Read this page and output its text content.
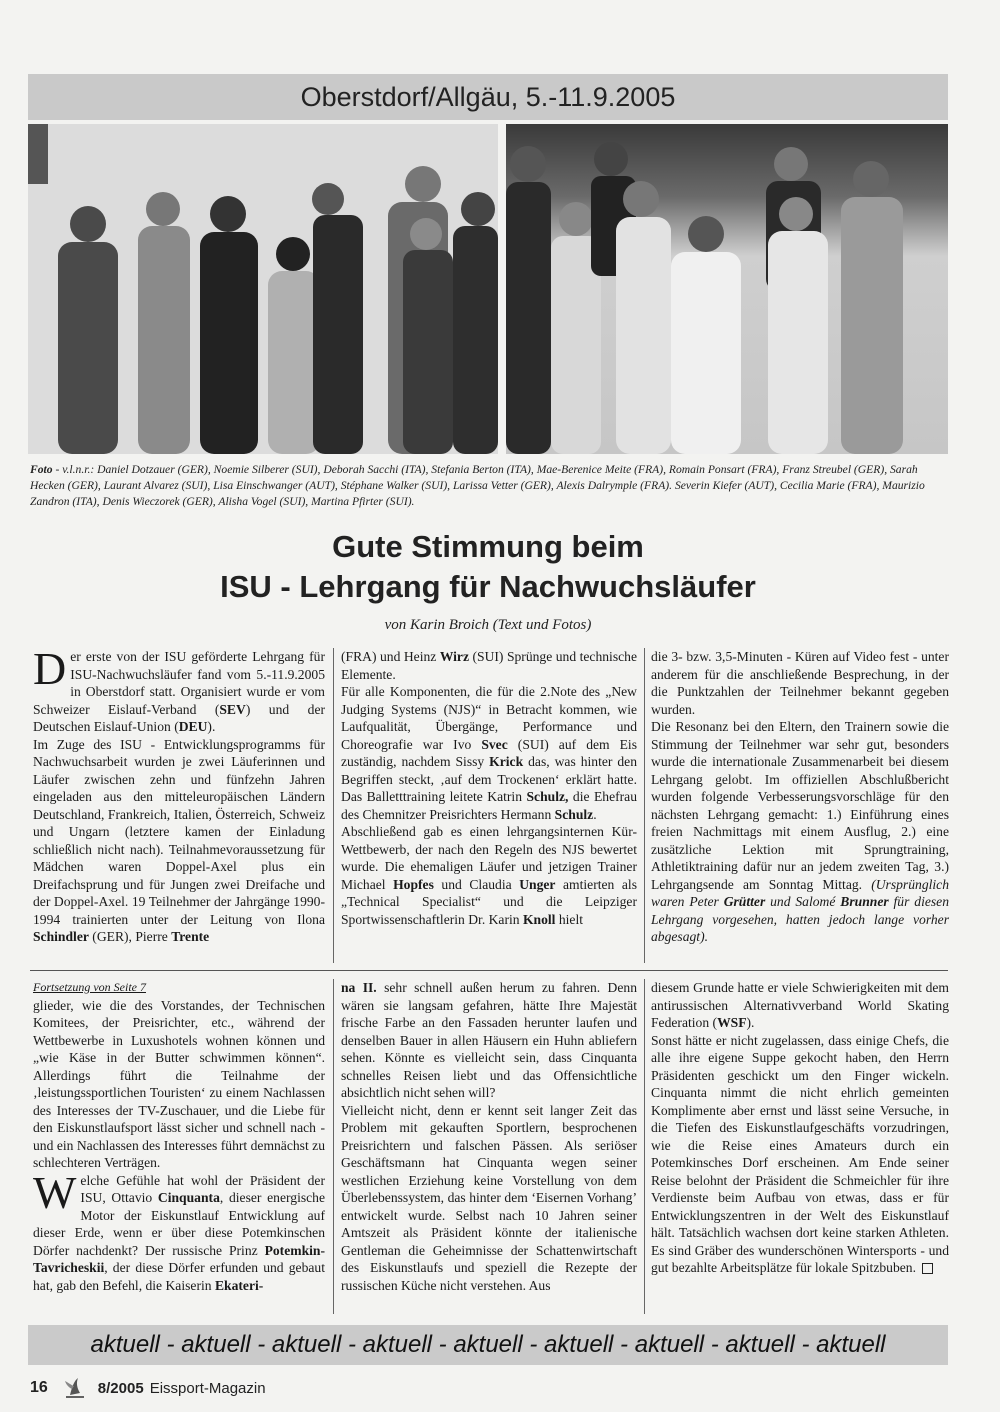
Oberstdorf/Allgäu, 5.-11.9.2005
Foto - v.l.n.r.: Daniel Dotzauer (GER), Noemie Silberer (SUI), Deborah Sacchi (ITA), Stefania Berton (ITA), Mae-Berenice Meite (FRA), Romain Ponsart (FRA), Franz Streubel (GER), Sarah Hecken (GER), Laurant Alvarez (SUI), Lisa Einschwanger (AUT), Stéphane Walker (SUI), Larissa Vetter (GER), Alexis Dalrymple (FRA). Severin Kiefer (AUT), Cecilia Marie (FRA), Maurizio Zandron (ITA), Denis Wieczorek (GER), Alisha Vogel (SUI), Martina Pfirter (SUI).
Gute Stimmung beim
ISU - Lehrgang für Nachwuchsläufer
von Karin Broich (Text und Fotos)

Der erste von der ISU geförderte Lehrgang für ISU-Nachwuchsläufer fand vom 5.-11.9.2005 in Oberstdorf statt. Organisiert wurde er vom Schweizer Eislauf-Verband (SEV) und der Deutschen Eislauf-Union (DEU).

Im Zuge des ISU - Entwicklungsprogramms für Nachwuchsarbeit wurden je zwei Läuferinnen und Läufer zwischen zehn und fünfzehn Jahren eingeladen aus den mitteleuropäischen Ländern Deutschland, Frankreich, Italien, Österreich, Schweiz und Ungarn (letztere kamen der Einladung schließlich nicht nach). Teilnahmevoraussetzung für Mädchen waren Doppel-Axel plus ein Dreifachsprung und für Jungen zwei Dreifache und der Doppel-Axel. 19 Teilnehmer der Jahrgänge 1990-1994 trainierten unter der Leitung von Ilona Schindler (GER), Pierre Trente

(FRA) und Heinz Wirz (SUI) Sprünge und technische Elemente.

Für alle Komponenten, die für die 2.Note des „New Judging Systems (NJS)“ in Betracht kommen, wie Laufqualität, Übergänge, Performance und Choreografie war Ivo Svec (SUI) auf dem Eis zuständig, nachdem Sissy Krick das, was hinter den Begriffen steckt, ‚auf dem Trockenen‘ erklärt hatte. Das Balletttraining leitete Katrin Schulz, die Ehefrau des Chemnitzer Preisrichters Hermann Schulz.

Abschließend gab es einen lehrgangsinternen Kür-Wettbewerb, der nach den Regeln des NJS bewertet wurde. Die ehemaligen Läufer und jetzigen Trainer Michael Hopfes und Claudia Unger amtierten als „Technical Specialist“ und die Leipziger Sportwissenschaftlerin Dr. Karin Knoll hielt

die 3- bzw. 3,5-Minuten - Küren auf Video fest - unter anderem für die anschließende Besprechung, in der die Punktzahlen der Teilnehmer bekannt gegeben wurden.

Die Resonanz bei den Eltern, den Trainern sowie die Stimmung der Teilnehmer war sehr gut, besonders wurde die internationale Zusammenarbeit bei diesem Lehrgang gelobt. Im offiziellen Abschlußbericht wurden folgende Verbesserungsvorschläge für den nächsten Lehrgang gemacht: 1.) Einführung eines freien Nachmittags mit einem Ausflug, 2.) eine zusätzliche Lektion mit Sprungtraining, Athletiktraining dafür nur an jedem zweiten Tag, 3.) Lehrgangsende am Sonntag Mittag. (Ursprünglich waren Peter Grütter und Salomé Brunner für diesen Lehrgang vorgesehen, hatten jedoch lange vorher abgesagt).

Fortsetzung von Seite 7

glieder, wie die des Vorstandes, der Technischen Komitees, der Preisrichter, etc., während der Wettbewerbe in Luxushotels wohnen können und „wie Käse in der Butter schwimmen können“. Allerdings führt die Teilnahme der ‚leistungssportlichen Touristen‘ zu einem Nachlassen des Interesses der TV-Zuschauer, und die Liebe für den Eiskunstlaufsport lässt sicher und schnell nach - und ein Nachlassen des Interesses führt demnächst zu schlechteren Verträgen.

Welche Gefühle hat wohl der Präsident der ISU, Ottavio Cinquanta, dieser energische Motor der Eiskunstlauf Entwicklung auf dieser Erde, wenn er über diese Potemkinschen Dörfer nachdenkt? Der russische Prinz Potemkin-Tavricheskii, der diese Dörfer erfunden und gebaut hat, gab den Befehl, die Kaiserin Ekateri-

na II. sehr schnell außen herum zu fahren. Denn wären sie langsam gefahren, hätte Ihre Majestät frische Farbe an den Fassaden herunter laufen und denselben Bauer in allen Häusern ein Huhn abliefern sehen. Könnte es vielleicht sein, dass Cinquanta schnelles Reisen liebt und das Offensichtliche absichtlich nicht sehen will?

Vielleicht nicht, denn er kennt seit langer Zeit das Problem mit gekauften Sportlern, besprochenen Preisrichtern und falschen Pässen. Als seriöser Geschäftsmann hat Cinquanta wegen seiner westlichen Erziehung keine Vorstellung von dem Überlebenssystem, das hinter dem ‘Eisernen Vorhang’ entwickelt wurde. Selbst nach 10 Jahren seiner Amtszeit als Präsident könnte der italienische Gentleman die Geheimnisse der Schattenwirtschaft des Eiskunstlaufs und speziell die Rezepte der russischen Küche nicht verstehen. Aus

diesem Grunde hatte er viele Schwierigkeiten mit dem antirussischen Alternativverband World Skating Federation (WSF).

Sonst hätte er nicht zugelassen, dass einige Chefs, die alle ihre eigene Suppe gekocht haben, den Herrn Präsidenten geschickt um den Finger wickeln. Cinquanta nimmt die nicht ehrlich gemeinten Komplimente aber ernst und lässt seine Versuche, in die Tiefen des Eiskunstlaufgeschäfts vorzudringen, wie die Reise eines Amateurs durch ein Potemkinsches Dorf erscheinen. Am Ende seiner Reise belohnt der Präsident die Schmeichler für ihre Verdienste beim Aufbau von etwas, dass er für Entwicklungszentren in der Welt des Eiskunstlauf hält. Tatsächlich wachsen dort keine starken Athleten. Es sind Gräber des wunderschönen Wintersports - und gut bezahlte Arbeitsplätze für lokale Spitzbuben.

aktuell - aktuell - aktuell - aktuell - aktuell - aktuell - aktuell - aktuell - aktuell
16	8/2005 Eissport-Magazin
